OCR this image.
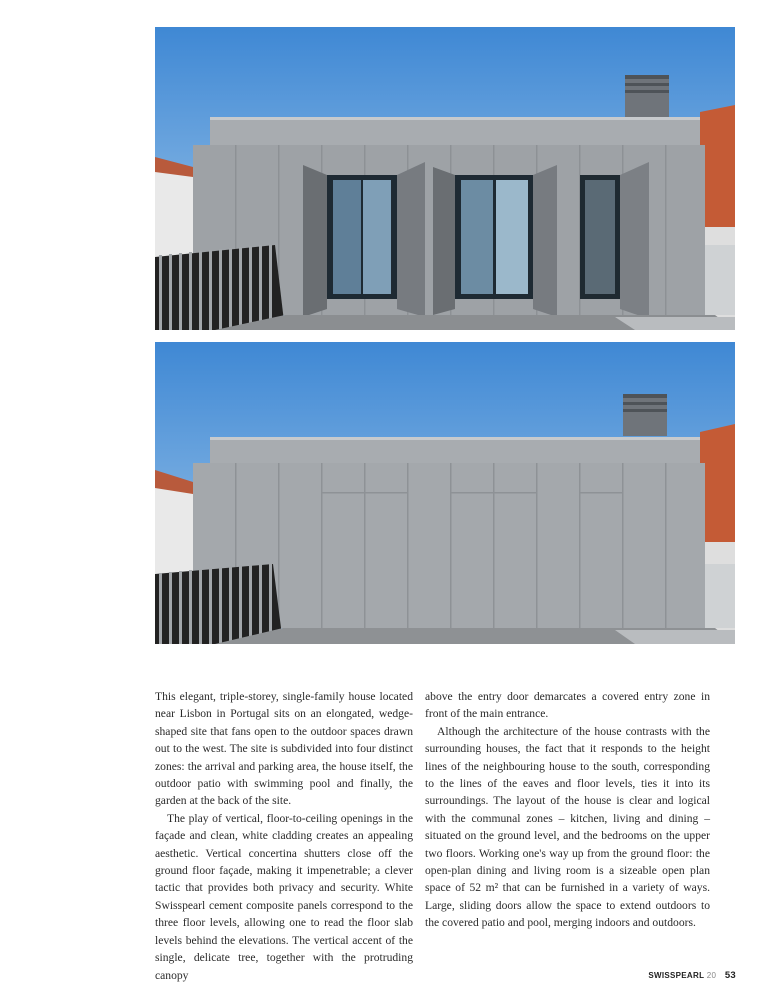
This elegant, triple-storey, single-family house located near Lisbon in Portugal sits on an elongated, wedge-shaped site that fans open to the outdoor spaces drawn out to the west. The site is subdivided into four distinct zones: the arrival and parking area, the house itself, the outdoor patio with swimming pool and finally, the garden at the back of the site.

The play of vertical, floor-to-ceiling openings in the façade and clean, white cladding creates an appealing aesthetic. Vertical concertina shutters close off the ground floor façade, making it impenetrable; a clever tactic that provides both privacy and security. White Swisspearl cement composite panels correspond to the three floor levels, allowing one to read the floor slab levels behind the elevations. The vertical accent of the single, delicate tree, together with the protruding canopy

above the entry door demarcates a covered entry zone in front of the main entrance.

Although the architecture of the house contrasts with the surrounding houses, the fact that it responds to the height lines of the neighbouring house to the south, corresponding to the lines of the eaves and floor levels, ties it into its surroundings. The layout of the house is clear and logical with the communal zones – kitchen, living and dining – situated on the ground level, and the bedrooms on the upper two floors. Working one's way up from the ground floor: the open-plan dining and living room is a sizeable open plan space of 52 m² that can be furnished in a variety of ways. Large, sliding doors allow the space to extend outdoors to the covered patio and pool, merging indoors and outdoors.

SWISSPEARL 20 53
